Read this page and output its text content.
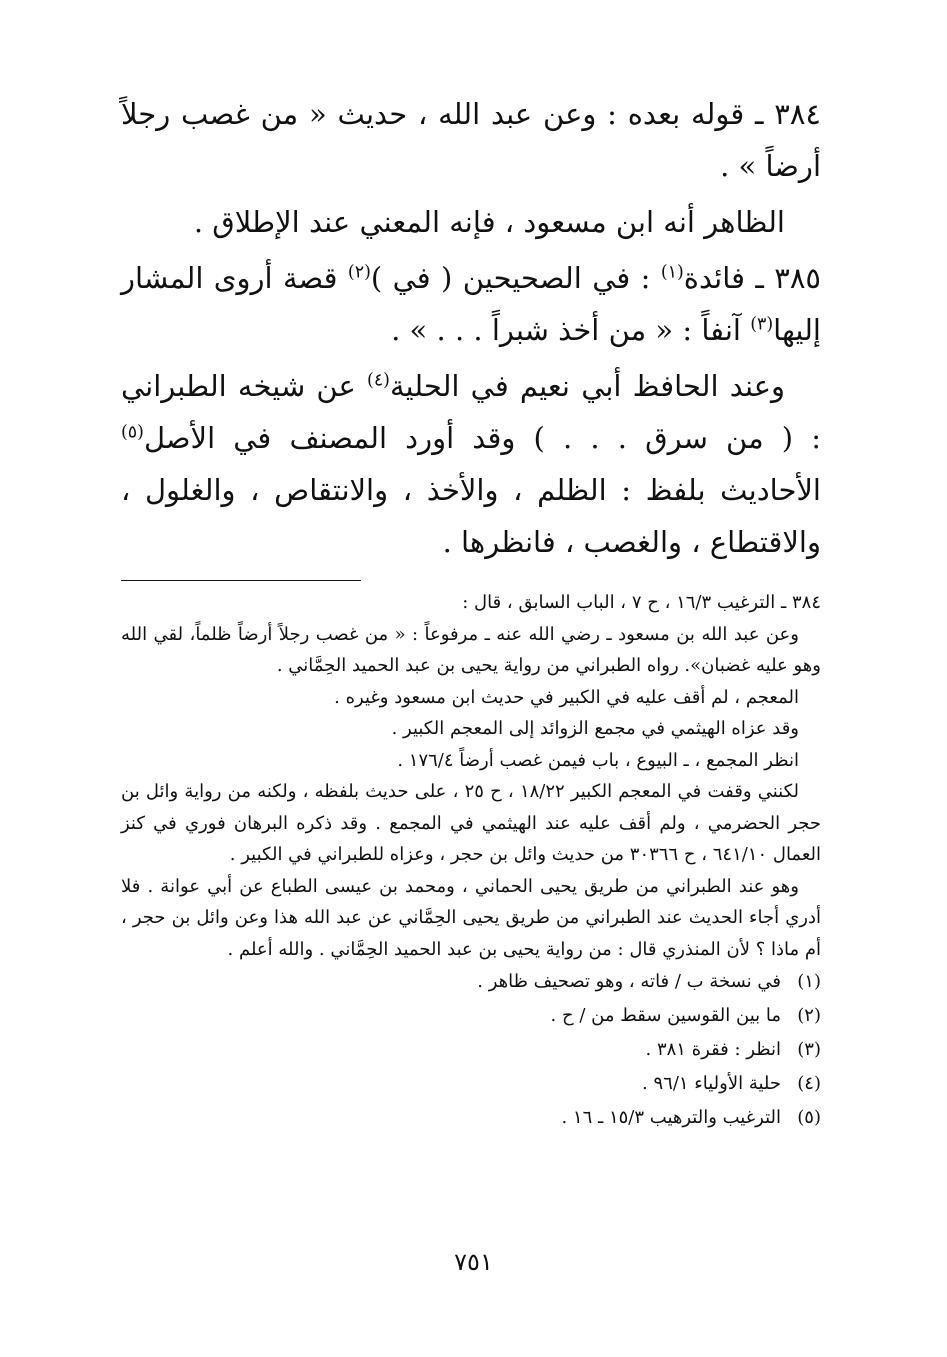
٣٨٤ ـ قوله بعده : وعن عبد الله ، حديث « من غصب رجلاً أرضاً » .

الظاهر أنه ابن مسعود ، فإنه المعني عند الإطلاق .

٣٨٥ ـ فائدة$^{(١)}$ : في الصحيحين ( في )$^{(٢)}$ قصة أروى المشار إليها$^{(٣)}$ آنفاً : « من أخذ شبراً . . . » .

وعند الحافظ أبي نعيم في الحلية$^{(٤)}$ عن شيخه الطبراني : ( من سرق . . . ) وقد أورد المصنف في الأصل$^{(٥)}$ الأحاديث بلفظ : الظلم ، والأخذ ، والانتقاص ، والغلول ، والاقتطاع ، والغصب ، فانظرها .

٣٨٤ ـ الترغيب ١٦/٣ ، ح ٧ ، الباب السابق ، قال :

وعن عبد الله بن مسعود ـ رضي الله عنه ـ مرفوعاً : « من غصب رجلاً أرضاً ظلماً، لقي الله وهو عليه غضبان». رواه الطبراني من رواية يحيى بن عبد الحميد الحِمَّاني .

المعجم ، لم أقف عليه في الكبير في حديث ابن مسعود وغيره .

وقد عزاه الهيثمي في مجمع الزوائد إلى المعجم الكبير .

انظر المجمع ، ـ البيوع ، باب فيمن غصب أرضاً ١٧٦/٤ .

لكنني وقفت في المعجم الكبير ١٨/٢٢ ، ح ٢٥ ، على حديث بلفظه ، ولكنه من رواية وائل بن حجر الحضرمي ، ولم أقف عليه عند الهيثمي في المجمع . وقد ذكره البرهان فوري في كنز العمال ٦٤١/١٠ ، ح ٣٠٣٦٦ من حديث وائل بن حجر ، وعزاه للطبراني في الكبير .

وهو عند الطبراني من طريق يحيى الحماني ، ومحمد بن عيسى الطباع عن أبي عوانة . فلا أدري أجاء الحديث عند الطبراني من طريق يحيى الحِمَّاني عن عبد الله هذا وعن وائل بن حجر ، أم ماذا ؟ لأن المنذري قال : من رواية يحيى بن عبد الحميد الحِمَّاني . والله أعلم .

(١)
في نسخة ب / فاته ، وهو تصحيف ظاهر .
(٢)
ما بين القوسين سقط من / ح .
(٣)
انظر : فقرة ٣٨١ .
(٤)
حلية الأولياء ٩٦/١ .
(٥)
الترغيب والترهيب ١٥/٣ ـ ١٦ .
٧٥١
